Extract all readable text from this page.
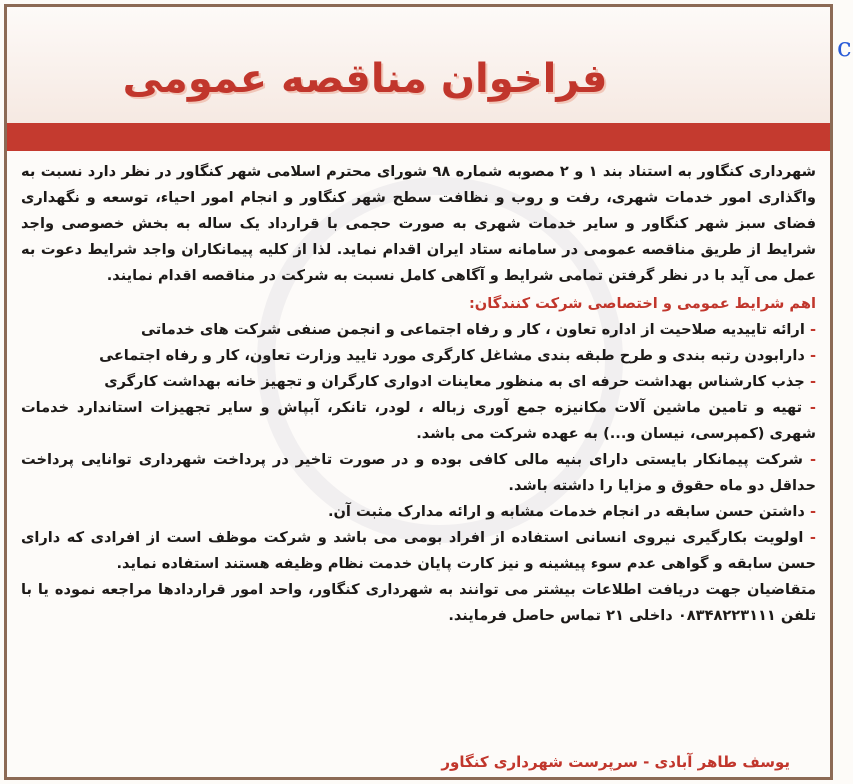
c
فراخوان مناقصه عمومی

شهرداری کنگاور به استناد بند ۱ و ۲ مصوبه شماره ۹۸ شورای محترم اسلامی شهر کنگاور در نظر دارد نسبت به واگذاری امور خدمات شهری، رفت و روب و نظافت سطح شهر کنگاور و انجام امور احیاء، توسعه و نگهداری فضای سبز شهر کنگاور و سایر خدمات شهری به صورت حجمی با قرارداد یک ساله به بخش خصوصی واجد شرایط از طریق مناقصه عمومی در سامانه ستاد ایران اقدام نماید. لذا از کلیه پیمانکاران واجد شرایط دعوت به عمل می آید با در نظر گرفتن تمامی شرایط و آگاهی کامل نسبت به شرکت در مناقصه اقدام نمایند.

اهم شرایط عمومی و اختصاصی شرکت کنندگان:

- ارائه تاییدیه صلاحیت از اداره تعاون ، کار و رفاه اجتماعی و انجمن صنفی شرکت های خدماتی

- دارابودن رتبه بندی و طرح طبقه بندی مشاغل کارگری مورد تایید وزارت تعاون، کار و رفاه اجتماعی

- جذب کارشناس بهداشت حرفه ای به منظور معاینات ادواری کارگران و تجهیز خانه بهداشت کارگری

- تهیه و تامین ماشین آلات مکانیزه جمع آوری زباله ، لودر، تانکر، آبپاش و سایر تجهیزات استاندارد خدمات شهری (کمپرسی، نیسان و...) به عهده شرکت می باشد.

- شرکت پیمانکار بایستی دارای بنیه مالی کافی بوده و در صورت تاخیر در پرداخت شهرداری توانایی پرداخت حداقل دو ماه حقوق و مزایا را داشته باشد.

- داشتن حسن سابقه در انجام خدمات مشابه و ارائه مدارک مثبت آن.

- اولویت بکارگیری نیروی انسانی استفاده از افراد بومی می باشد و شرکت موظف است از افرادی که دارای حسن سابقه و گواهی عدم سوء پیشینه و نیز کارت پایان خدمت نظام وظیفه هستند استفاده نماید.

متقاضیان جهت دریافت اطلاعات بیشتر می توانند به شهرداری کنگاور، واحد امور قراردادها مراجعه نموده یا با تلفن ۰۸۳۴۸۲۲۳۱۱۱ داخلی ۲۱ تماس حاصل فرمایند.

یوسف طاهر آبادی - سرپرست شهرداری کنگاور
